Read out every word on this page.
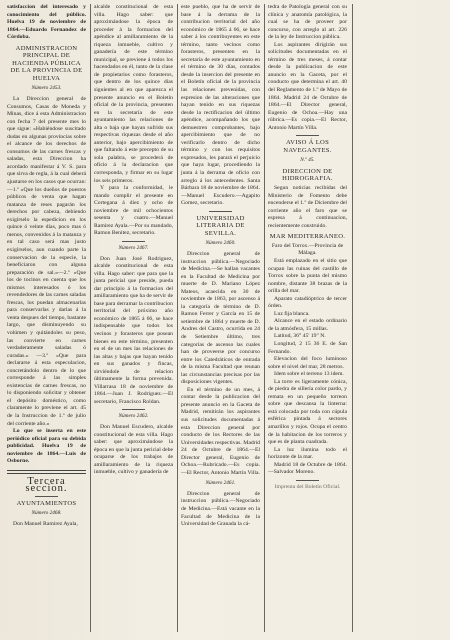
satisfaccion del interesado y conocimiento del público. Huelva 19 de noviembre de 1864.—Eduardo Fernandez de Córdoba.

ADMINISTRACION PRINCIPAL DE HACIENDA PÚBLICA DE LA PROVINCIA DE HUELVA
Número 2453.

La Direccion general de Consumos, Casas de Moneda y Minas, dice á esta Administracion con fecha 7 del presente mes lo que sigue: «Habiéndose suscitado dudas en algunas provincias sobre el alcance de los derechos de consumos de las carnes frescas y saladas, esta Direccion ha acordado manifestar á V. S. para que sirva de regla, á la cual deberá ajustarse en los casos que ocurran: —1.º «Que los dueños de puestos públicos de venta que hagan matanza de reses pagarán los derechos por cabeza, debiendo exigírselo la espedicion en los quince ó veinte días, poco mas ó menos, convenidos á la matanza y en tal caso será mas justo exigírselos, aun cuando parte la conservacion de la especie, la beneficiaron con alguna preparación de sal.»—2.º «Que los de tocinos en cuenta que los mismos interesados ó los revendedores de las carnes saladas frescas, los puedan almacenarlas para conservarlas y darlas á la venta despues del tiempo, bastante largo, que disminuyendo su volúmen y quitándoles su peso, las convierte en carnes verdaderamente saladas ó curadas.» —3.º «Que para declararse á esta especulacion, concretándolo dentro de lo que corresponde á las simples existencias de carnes frescas, no lo disponiendo solicitar y obtener el depósito doméstico, como claramente lo previene el art. 45 de la Instruccion de 1.º de julio del corriente año.»

Lo que se inserta en este periódico oficial para su debida publicidad. Huelva 19 de noviembre de 1864.—Luis de Osborne.

Tercera seccion.
AYUNTAMIENTOS
Número 2468.

Don Manuel Ramirez Ayala,

alcalde constitucional de esta villa. Hago saber: que aproximándose la época de proceder á la formacion del apéndice al amillaramiento de la riqueza inmueble, cultivo y ganadería de este término municipal, se previene á todos los hacendados en él, tanto de la clase de propietarios como forasteros, que dentro de los quince días siguientes al en que aparezca el presente anuncio en el Boletín oficial de la provincia, presenten en la secretaría de este ayuntamiento las relaciones de alta o baja que hayan sufrido sus respectivas riquezas desde el año anterior, bajo apercibimiento de que faltando á este precepto de su sola palabra, se procederá de oficio á la declaracion que corresponda, y firmar en su lugar los seis primeros.

Y para la conformidad, le mando cumplir el presente en Cortegana á diez y ocho de noviembre de mil ochocientos sesenta y cuatro.—Manuel Ramirez Ayala.—Por su mandado, Ramon Benitez, secretario.

Número 2467.

Don Juan José Rodriguez, alcalde constitucional de esta villa. Hago saber: que para que la junta pericial que preside, pueda dar principio á la formacion del amillaramiento que ha de servir de base para derramar la contribucion territorial del próximo año económico de 1865 á 66, se hace indispensable que todos los vecinos y forasteros que posean bienes en este término, presenten en el de un mes las relaciones de las altas y bajas que hayan tenido en sus ganados y fincas, sirviéndole de relacion últimamente la forma prevenida. Villarrasa 18 de noviembre de 1864.—Juan J. Rodriguez.—El secretario, Francisco Roldan.

Número 2462.

Don Manuel Escudero, alcalde constitucional de esta villa. Hago saber: que aproximándose la época en que la junta pericial debe ocuparse de los trabajos de amillaramiento de la riqueza inmueble, cultivo y ganadería de

este pueblo, que ha de servir de base á la derrama de la contribucion territorial del año económico de 1865 á 66, se hace saber á los contribuyentes en este término, tanto vecinos como forasteros, presenten en la secretaría de este ayuntamiento en el término de 30 días, contados desde la insercion del presente en el Boletín oficial de la provincia las relaciones prevenidas, con espresion de las alteraciones que hayan tenido en sus riquezas desde la rectificacion del último apéndice, acompañando los que demuestren comprobantes, bajo apercibimiento que de no verificarlo dentro de dicho término y con los requisitos expresados, les parará el perjuicio que haya lugar, procediendo la junta á la derrama de oficio con arreglo á los antecedentes. Santa Bárbara 18 de noviembre de 1864. —Manuel Escudero.—Agapito Gomez, secretario.

UNIVERSIDAD LITERARIA DE SEVILLA.
Número 2460.

Direccion general de instruccion pública.—Negociado de Medicina.—Se hallan vacantes en la Facultad de Medicina por muerte de D. Mariano López Mateos, acaecida en 30 de noviembre de 1863, por ascenso á la categoría de término de D. Ramon Ferrer y García en 15 de setiembre de 1864 y muerte de D. Andres del Castro, ocurrida en 24 de Setiembre último, tres categorías de ascenso las cuales han de proveerse por concurso entre los Catedráticos de entrada de la misma Facultad que reunan las circunstancias precisas por las disposiciones vigentes.

En el término de un mes, á contar desde la publicacion del presente anuncio en la Gaceta de Madrid, remitirán los aspirantes sus solicitudes documentadas á esta Direccion general por conducto de los Rectores de las Universidades respectivas. Madrid 24 de Octubre de 1864.—El Director general, Eugenio de Ochoa.—Rubricado.—Es copia.—El Rector, Antonio Martín Villa.

Número 2461.

Direccion general de instruccion pública.—Negociado de Medicina.—Está vacante en la Facultad de Medicina de la Universidad de Granada la cá-

tedra de Patología general con su clínica y anatomía patológica, la cual se ha de proveer por concurso, con arreglo al art. 226 de la ley de Instruccion pública.

Los aspirantes dirigirán sus solicitudes documentadas en el término de tres meses, á contar desde la publicacion de este anuncio en la Gaceta, por el conducto que determina el art. 40 del Reglamento de 1.º de Mayo de 1864. Madrid 24 de Octubre de 1864.—El Director general, Eugenio de Ochoa.—Hay una rúbrica.—Es copia.—El Rector, Antonio Martín Villa.

AVISO Á LOS NAVEGANTES.
N.º 45.
DIRECCION DE HIDROGRAFIA.

Segun noticias recibidas del Ministerio de Fomento debe encenderse el 1.º de Diciembre del corriente año el faro que se espresa á continuacion, recientemente construido.

MAR MEDITERRANEO.

Faro del Torrox.—Provincia de Málaga.

Está emplazado en el sitio que ocupan las ruinas del castillo de Torrox sobre la punta del mismo nombre, distante 38 brazas de la orilla del mar.

Aparato catadióptrico de tercer órden.

Luz fija blanca.

Alcance en el estado ordinario de la atmósfera, 15 millas.

Latitud, 36° 45' 19" N.

Longitud, 2 15 36 E. de San Fernando.

Elevacion del foco luminoso sobre el nivel del mar, 28 metros.

Idem sobre el terreno 13 idem.

La torre es ligeramente cónica, de piedra de sillería color pardo, y remata en un pequeño torreon sobre que descansa la linterna: está colocada por toda con cúpula esférica pintada á sectores amarillos y rojos. Ocupa el centro de la habitacion de los torreros y que es de planta cuadrada.

La luz ilumina todo el horizonte de la mar.

Madrid 18 de Octubre de 1864.—Salvador Moreno.

Imprenta del Boletín Oficial.
